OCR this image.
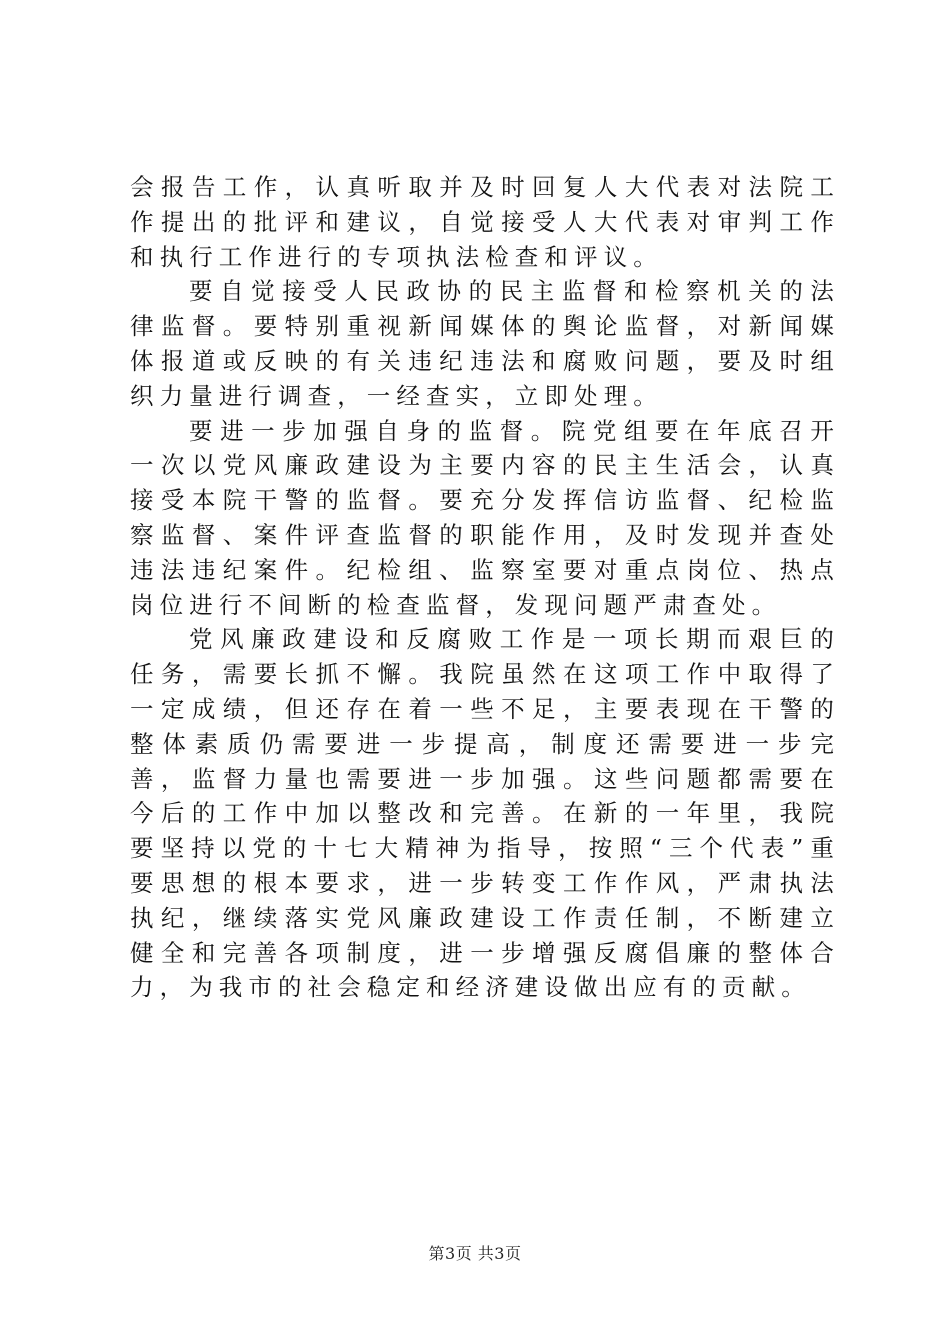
会报告工作，认真听取并及时回复人大代表对法院工作提出的批评和建议，自觉接受人大代表对审判工作和执行工作进行的专项执法检查和评议。

要自觉接受人民政协的民主监督和检察机关的法律监督。要特别重视新闻媒体的舆论监督，对新闻媒体报道或反映的有关违纪违法和腐败问题，要及时组织力量进行调查，一经查实，立即处理。

要进一步加强自身的监督。院党组要在年底召开一次以党风廉政建设为主要内容的民主生活会，认真接受本院干警的监督。要充分发挥信访监督、纪检监察监督、案件评查监督的职能作用，及时发现并查处违法违纪案件。纪检组、监察室要对重点岗位、热点岗位进行不间断的检查监督，发现问题严肃查处。

党风廉政建设和反腐败工作是一项长期而艰巨的任务，需要长抓不懈。我院虽然在这项工作中取得了一定成绩，但还存在着一些不足，主要表现在干警的整体素质仍需要进一步提高，制度还需要进一步完善，监督力量也需要进一步加强。这些问题都需要在今后的工作中加以整改和完善。在新的一年里，我院要坚持以党的十七大精神为指导，按照“三个代表”重要思想的根本要求，进一步转变工作作风，严肃执法执纪，继续落实党风廉政建设工作责任制，不断建立健全和完善各项制度，进一步增强反腐倡廉的整体合力，为我市的社会稳定和经济建设做出应有的贡献。

第3页 共3页
